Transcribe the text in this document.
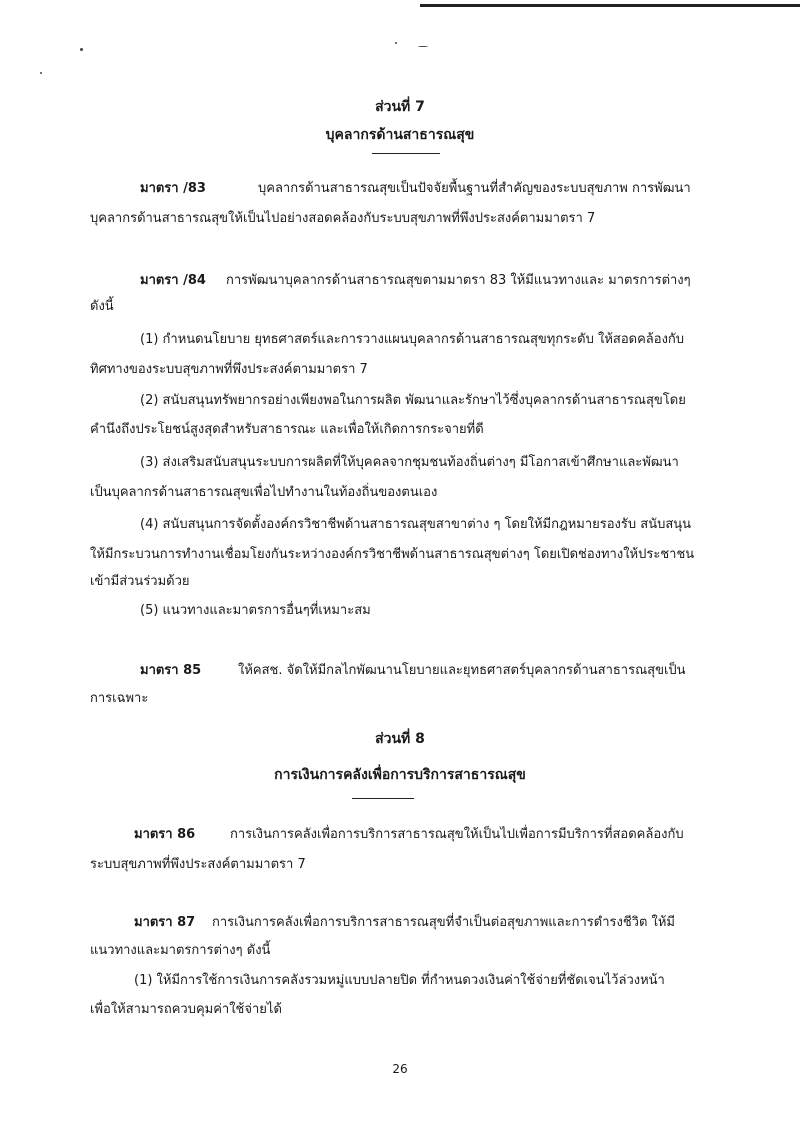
ส่วนที่ 7
บุคลากรด้านสาธารณสุข
มาตรา /83	บุคลากรด้านสาธารณสุขเป็นปัจจัยพื้นฐานที่สำคัญของระบบสุขภาพ การพัฒนา
บุคลากรด้านสาธารณสุขให้เป็นไปอย่างสอดคล้องกับระบบสุขภาพที่พึงประสงค์ตามมาตรา 7
มาตรา /84 การพัฒนาบุคลากรด้านสาธารณสุขตามมาตรา 83 ให้มีแนวทางและ มาตรการต่างๆ
ดังนี้
(1) กำหนดนโยบาย ยุทธศาสตร์และการวางแผนบุคลากรด้านสาธารณสุขทุกระดับ ให้สอดคล้องกับ
ทิศทางของระบบสุขภาพที่พึงประสงค์ตามมาตรา 7
(2) สนับสนุนทรัพยากรอย่างเพียงพอในการผลิต พัฒนาและรักษาไว้ซึ่งบุคลากรด้านสาธารณสุขโดย
คำนึงถึงประโยชน์สูงสุดสำหรับสาธารณะ และเพื่อให้เกิดการกระจายที่ดี
(3) ส่งเสริมสนับสนุนระบบการผลิตที่ให้บุคคลจากชุมชนท้องถิ่นต่างๆ มีโอกาสเข้าศึกษาและพัฒนา
เป็นบุคลากรด้านสาธารณสุขเพื่อไปทำงานในท้องถิ่นของตนเอง
(4) สนับสนุนการจัดตั้งองค์กรวิชาชีพด้านสาธารณสุขสาขาต่าง ๆ โดยให้มีกฎหมายรองรับ สนับสนุน
ให้มีกระบวนการทำงานเชื่อมโยงกันระหว่างองค์กรวิชาชีพด้านสาธารณสุขต่างๆ โดยเปิดช่องทางให้ประชาชน
เข้ามีส่วนร่วมด้วย
(5) แนวทางและมาตรการอื่นๆที่เหมาะสม
มาตรา 85	ให้คสช. จัดให้มีกลไกพัฒนานโยบายและยุทธศาสตร์บุคลากรด้านสาธารณสุขเป็น
การเฉพาะ
ส่วนที่ 8
การเงินการคลังเพื่อการบริการสาธารณสุข
มาตรา 86	การเงินการคลังเพื่อการบริการสาธารณสุขให้เป็นไปเพื่อการมีบริการที่สอดคล้องกับ
ระบบสุขภาพที่พึงประสงค์ตามมาตรา 7
มาตรา 87 การเงินการคลังเพื่อการบริการสาธารณสุขที่จำเป็นต่อสุขภาพและการดำรงชีวิต ให้มี
แนวทางและมาตรการต่างๆ ดังนี้
(1) ให้มีการใช้การเงินการคลังรวมหมู่แบบปลายปิด ที่กำหนดวงเงินค่าใช้จ่ายที่ชัดเจนไว้ล่วงหน้า
เพื่อให้สามารถควบคุมค่าใช้จ่ายได้
26
